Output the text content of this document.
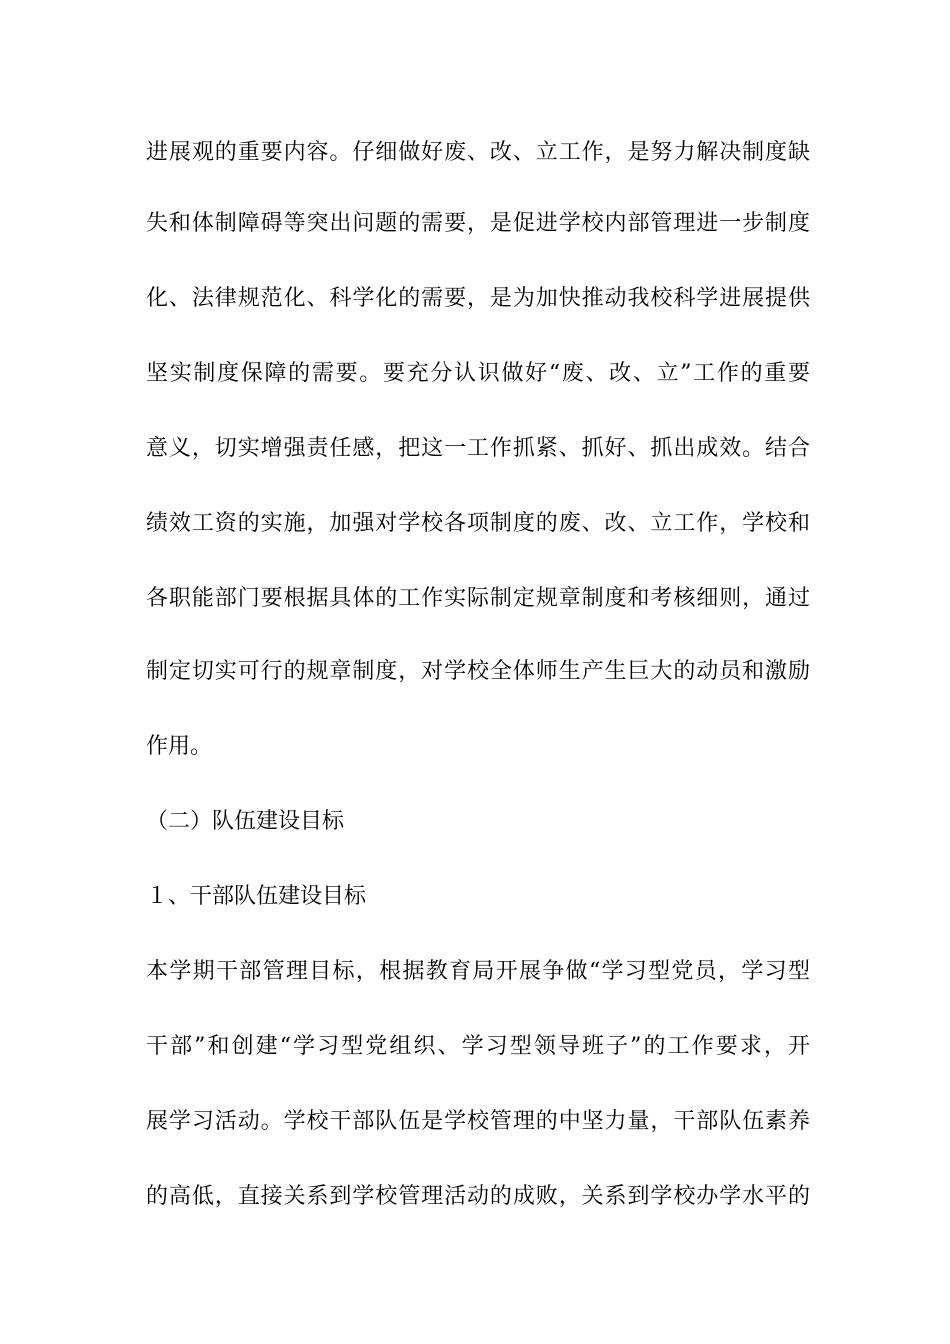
进展观的重要内容。仔细做好废、改、立工作，是努力解决制度缺
失和体制障碍等突出问题的需要，是促进学校内部管理进一步制度
化、法律规范化、科学化的需要，是为加快推动我校科学进展提供
坚实制度保障的需要。要充分认识做好“废、改、立”工作的重要
意义，切实增强责任感，把这一工作抓紧、抓好、抓出成效。结合
绩效工资的实施，加强对学校各项制度的废、改、立工作，学校和
各职能部门要根据具体的工作实际制定规章制度和考核细则，通过
制定切实可行的规章制度，对学校全体师生产生巨大的动员和激励
作用。
（二）队伍建设目标
１、干部队伍建设目标
本学期干部管理目标，根据教育局开展争做“学习型党员，学习型
干部”和创建“学习型党组织、学习型领导班子”的工作要求，开
展学习活动。学校干部队伍是学校管理的中坚力量，干部队伍素养
的高低，直接关系到学校管理活动的成败，关系到学校办学水平的
